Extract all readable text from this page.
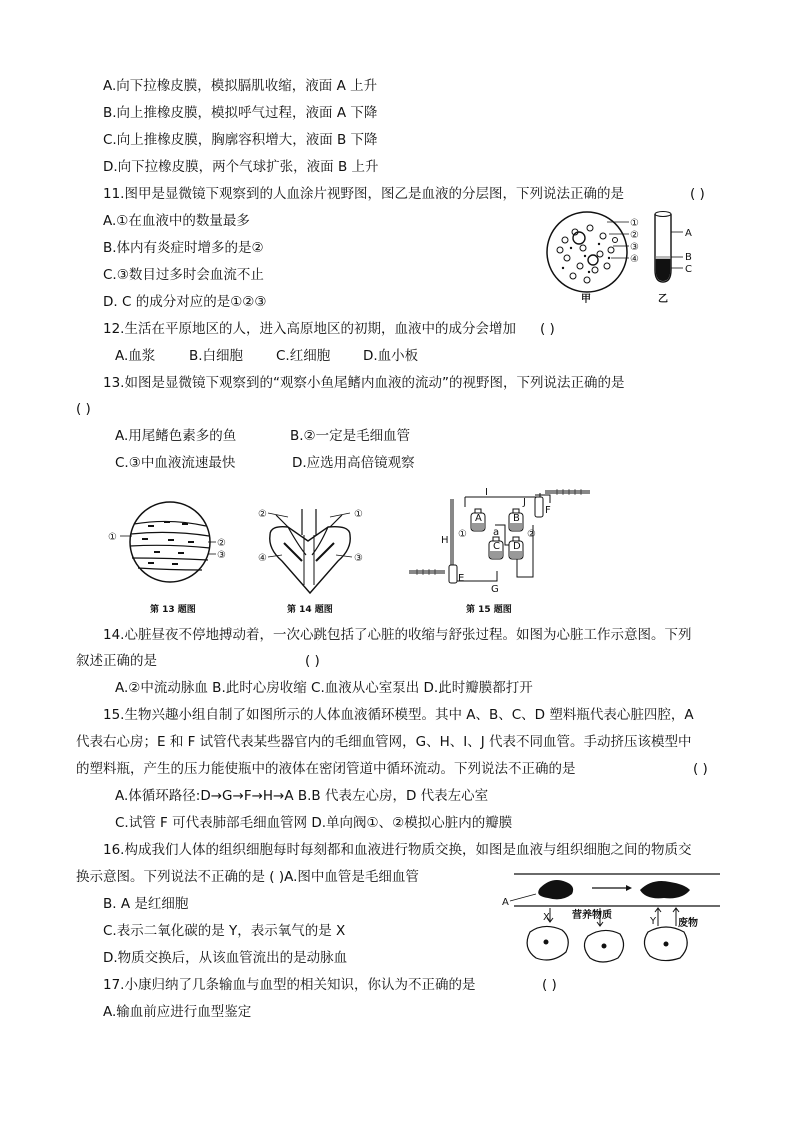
A.向下拉橡皮膜，模拟膈肌收缩，液面 A 上升
B.向上推橡皮膜，模拟呼气过程，液面 A 下降
C.向上推橡皮膜，胸廓容积增大，液面 B 下降
D.向下拉橡皮膜，两个气球扩张，液面 B 上升
11.图甲是显微镜下观察到的人血涂片视野图，图乙是血液的分层图，下列说法正确的是	( )
A.①在血液中的数量最多
B.体内有炎症时增多的是②
C.③数目过多时会血流不止
D. C 的成分对应的是①②③
①
②
③
④
甲
A
B
C
乙
12.生活在平原地区的人，进入高原地区的初期，血液中的成分会增加 ( )
A.血浆 B.白细胞 C.红细胞 D.血小板
13.如图是显微镜下观察到的“观察小鱼尾鳍内血液的流动”的视野图，下列说法正确的是
( )
A.用尾鳍色素多的鱼	B.②一定是毛细血管
C.③中血液流速最快	D.应选用高倍镜观察
①
②
③
②	①
④	③
I
J
A	B
C D
E
F
G
H
a
①	②
第 13 题图	第 14 题图	第 15 题图
14.心脏昼夜不停地搏动着，一次心跳包括了心脏的收缩与舒张过程。如图为心脏工作示意图。下列
叙述正确的是	( )
A.②中流动脉血 B.此时心房收缩 C.血液从心室泵出 D.此时瓣膜都打开
15.生物兴趣小组自制了如图所示的人体血液循环模型。其中 A、B、C、D 塑料瓶代表心脏四腔，A
代表右心房；E 和 F 试管代表某些器官内的毛细血管网，G、H、I、J 代表不同血管。手动挤压该模型中
的塑料瓶，产生的压力能使瓶中的液体在密闭管道中循环流动。下列说法不正确的是	( )
A.体循环路径:D→G→F→H→A B.B 代表左心房，D 代表左心室
C.试管 F 可代表肺部毛细血管网 D.单向阀①、②模拟心脏内的瓣膜
16.构成我们人体的组织细胞每时每刻都和血液进行物质交换，如图是血液与组织细胞之间的物质交
换示意图。下列说法不正确的是 ( )A.图中血管是毛细血管
B. A 是红细胞
C.表示二氧化碳的是 Y，表示氧气的是 X
D.物质交换后，从该血管流出的是动脉血
A
X	Y
营养物质
废物
17.小康归纳了几条输血与血型的相关知识，你认为不正确的是	( )
A.输血前应进行血型鉴定
